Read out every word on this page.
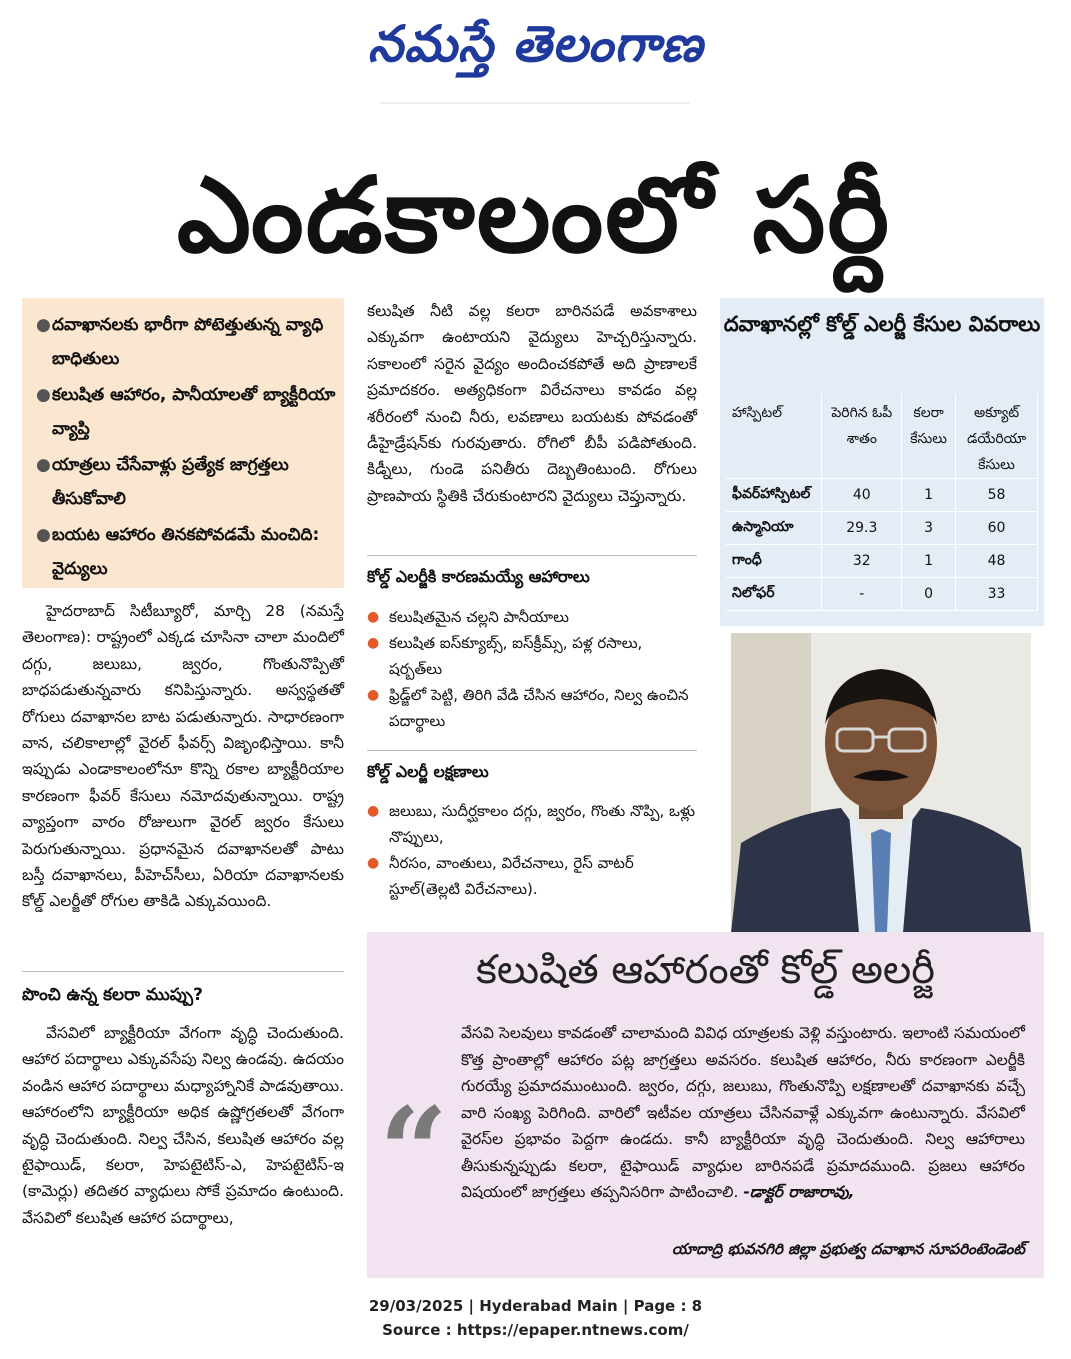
నమస్తే తెలంగాణ
ఎండకాలంలో సర్దీ
● దవాఖానలకు భారీగా పోటెత్తుతున్న వ్యాధి బాధితులు
● కలుషిత ఆహారం, పానీయాలతో బ్యాక్టీరియా వ్యాప్తి
● యాత్రలు చేసేవాళ్లు ప్రత్యేక జాగ్రత్తలు తీసుకోవాలి
● బయట ఆహారం తినకపోవడమే మంచిది: వైద్యులు

హైదరాబాద్ సిటీబ్యూరో, మార్చి 28 (నమస్తే తెలంగాణ): రాష్ట్రంలో ఎక్కడ చూసినా చాలా మందిలో దగ్గు, జలుబు, జ్వరం, గొంతునొప్పితో బాధపడుతున్నవారు కనిపిస్తున్నారు. అస్వస్థతతో రోగులు దవాఖానల బాట పడుతున్నారు. సాధారణంగా వాన, చలికాలాల్లో వైరల్ ఫీవర్స్ విజృంభిస్తాయి. కానీ ఇప్పుడు ఎండాకాలంలోనూ కొన్ని రకాల బ్యాక్టీరియాల కారణంగా ఫీవర్ కేసులు నమోదవుతున్నాయి. రాష్ట్ర వ్యాప్తంగా వారం రోజులుగా వైరల్ జ్వరం కేసులు పెరుగుతున్నాయి. ప్రధానమైన దవాఖానలతో పాటు బస్తీ దవాఖానలు, పీహెచ్‌సీలు, ఏరియా దవాఖానలకు కోల్డ్ ఎలర్జీతో రోగుల తాకిడి ఎక్కువయింది.

పొంచి ఉన్న కలరా ముప్పు?

వేసవిలో బ్యాక్టీరియా వేగంగా వృద్ధి చెందుతుంది. ఆహార పదార్థాలు ఎక్కువసేపు నిల్వ ఉండవు. ఉదయం వండిన ఆహార పదార్థాలు మధ్యాహ్నానికే పాడవుతాయి. ఆహారంలోని బ్యాక్టీరియా అధిక ఉష్ణోగ్రతలతో వేగంగా వృద్ధి చెందుతుంది. నిల్వ చేసిన, కలుషిత ఆహారం వల్ల టైఫాయిడ్, కలరా, హెపటైటిస్-ఎ, హెపటైటిస్-ఇ (కామెర్లు) తదితర వ్యాధులు సోకే ప్రమాదం ఉంటుంది. వేసవిలో కలుషిత ఆహార పదార్థాలు,

కలుషిత నీటి వల్ల కలరా బారినపడే అవకాశాలు ఎక్కువగా ఉంటాయని వైద్యులు హెచ్చరిస్తున్నారు. సకాలంలో సరైన వైద్యం అందించకపోతే అది ప్రాణాలకే ప్రమాదకరం. అత్యధికంగా విరేచనాలు కావడం వల్ల శరీరంలో నుంచి నీరు, లవణాలు బయటకు పోవడంతో డీహైడ్రేషన్‌కు గురవుతారు. రోగిలో బీపీ పడిపోతుంది. కిడ్నీలు, గుండె పనితీరు దెబ్బతింటుంది. రోగులు ప్రాణపాయ స్థితికి చేరుకుంటారని వైద్యులు చెప్తున్నారు.

కోల్డ్ ఎలర్జీకి కారణమయ్యే ఆహారాలు
● కలుషితమైన చల్లని పానీయాలు
● కలుషిత ఐస్‌క్యూబ్స్, ఐస్‌క్రీమ్స్, పళ్ల రసాలు, షర్బత్‌లు
● ఫ్రిడ్జ్‌లో పెట్టి, తిరిగి వేడి చేసిన ఆహారం, నిల్వ ఉంచిన పదార్థాలు
కోల్డ్ ఎలర్జీ లక్షణాలు
● జలుబు, సుదీర్ఘకాలం దగ్గు, జ్వరం, గొంతు నొప్పి, ఒళ్లు నొప్పులు,
● నీరసం, వాంతులు, విరేచనాలు, రైస్ వాటర్ స్టూల్(తెల్లటి విరేచనాలు).
దవాఖానల్లో కోల్డ్ ఎలర్జీ కేసుల వివరాలు
హాస్పిటల్	పెరిగిన ఓపీ శాతం	కలరా కేసులు	అక్యూట్ డయేరియా కేసులు
ఫీవర్‌హాస్పిటల్	40	1	58
ఉస్మానియా	29.3	3	60
గాంధీ	32	1	48
నిలోఫర్	-	0	33
కలుషిత ఆహారంతో కోల్డ్ అలర్జీ
“
వేసవి సెలవులు కావడంతో చాలామంది వివిధ యాత్రలకు వెళ్లి వస్తుంటారు. ఇలాంటి సమయంలో కొత్త ప్రాంతాల్లో ఆహారం పట్ల జాగ్రత్తలు అవసరం. కలుషిత ఆహారం, నీరు కారణంగా ఎలర్జీకి గురయ్యే ప్రమాదముంటుంది. జ్వరం, దగ్గు, జలుబు, గొంతునొప్పి లక్షణాలతో దవాఖానకు వచ్చే వారి సంఖ్య పెరిగింది. వారిలో ఇటీవల యాత్రలు చేసినవాళ్లే ఎక్కువగా ఉంటున్నారు. వేసవిలో వైరస్‌ల ప్రభావం పెద్దగా ఉండదు. కానీ బ్యాక్టీరియా వృద్ధి చెందుతుంది. నిల్వ ఆహారాలు తీసుకున్నప్పుడు కలరా, టైఫాయిడ్ వ్యాధుల బారినపడే ప్రమాదముంది. ప్రజలు ఆహారం విషయంలో జాగ్రత్తలు తప్పనిసరిగా పాటించాలి. -డాక్టర్ రాజారావు,
యాదాద్రి భువనగిరి జిల్లా ప్రభుత్వ దవాఖాన సూపరింటెండెంట్
29/03/2025 | Hyderabad Main | Page : 8
Source : https://epaper.ntnews.com/
